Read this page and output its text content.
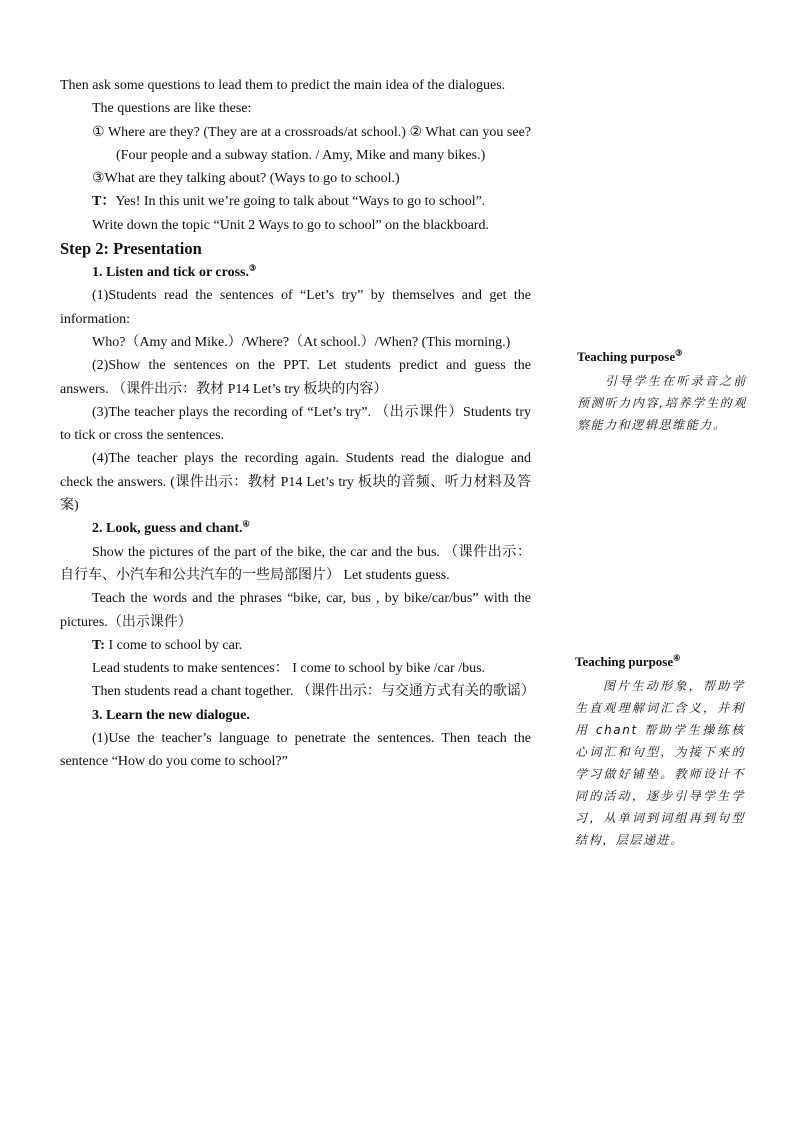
Then ask some questions to lead them to predict the main idea of the dialogues.

The questions are like these:

① Where are they? (They are at a crossroads/at school.) ② What can you see? (Four people and a subway station. / Amy, Mike and many bikes.)

③What are they talking about? (Ways to go to school.)

T：Yes! In this unit we’re going to talk about “Ways to go to school”.

Write down the topic “Unit 2 Ways to go to school” on the blackboard.

Step 2: Presentation

1. Listen and tick or cross.③

(1)Students read the sentences of “Let’s try” by themselves and get the information:

Who?（Amy and Mike.）/Where?（At school.）/When? (This morning.)

(2)Show the sentences on the PPT. Let students predict and guess the answers. （课件出示：教材 P14 Let’s try 板块的内容）

(3)The teacher plays the recording of “Let’s try”. （出示课件）Students try to tick or cross the sentences.

(4)The teacher plays the recording again. Students read the dialogue and check the answers. (课件出示：教材 P14 Let’s try 板块的音频、听力材料及答案)

2. Look, guess and chant.④

Show the pictures of the part of the bike, the car and the bus. （课件出示：自行车、小汽车和公共汽车的一些局部图片） Let students guess.

Teach the words and the phrases “bike, car, bus , by bike/car/bus” with the pictures.（出示课件）

T: I come to school by car.

Lead students to make sentences： I come to school by bike /car /bus.

Then students read a chant together. （课件出示：与交通方式有关的歌谣）

3. Learn the new dialogue.

(1)Use the teacher’s language to penetrate the sentences. Then teach the sentence “How do you come to school?”

Teaching purpose③

引导学生在听录音之前预测听力内容,培养学生的观察能力和逻辑思维能力。

Teaching purpose④

图片生动形象，帮助学生直观理解词汇含义，并利用 chant 帮助学生操练核心词汇和句型，为接下来的学习做好铺垫。教师设计不同的活动，逐步引导学生学习，从单词到词组再到句型结构，层层递进。
